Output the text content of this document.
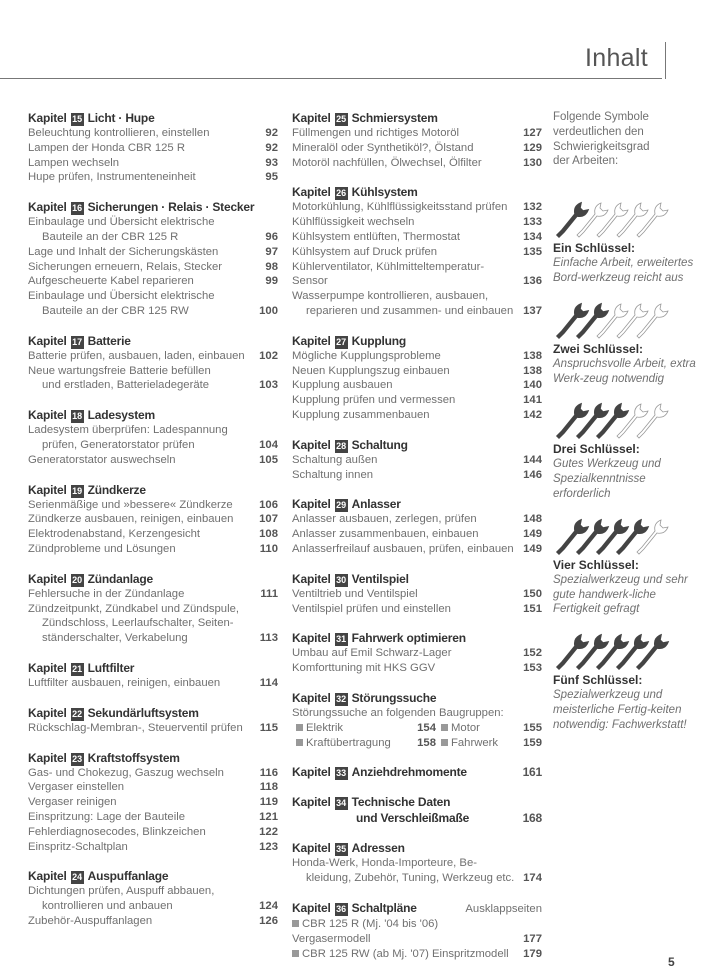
Inhalt
Kapitel 15 Licht · Hupe
Beleuchtung kontrollieren, einstellen	92
Lampen der Honda CBR 125 R	92
Lampen wechseln	93
Hupe prüfen, Instrumenteneinheit	95
Kapitel 16 Sicherungen · Relais · Stecker
Einbaulage und Übersicht elektrische
Bauteile an der CBR 125 R	96
Lage und Inhalt der Sicherungskästen	97
Sicherungen erneuern, Relais, Stecker	98
Aufgescheuerte Kabel reparieren	99
Einbaulage und Übersicht elektrische
Bauteile an der CBR 125 RW	100
Kapitel 17 Batterie
Batterie prüfen, ausbauen, laden, einbauen 102
Neue wartungsfreie Batterie befüllen
und erstladen, Batterieladegeräte	103
Kapitel 18 Ladesystem
Ladesystem überprüfen: Ladespannung
prüfen, Generatorstator prüfen	104
Generatorstator auswechseln	105
Kapitel 19 Zündkerze
Serienmäßige und »bessere« Zündkerze 106
Zündkerze ausbauen, reinigen, einbauen 107
Elektrodenabstand, Kerzengesicht	108
Zündprobleme und Lösungen	110
Kapitel 20 Zündanlage
Fehlersuche in der Zündanlage	111
Zündzeitpunkt, Zündkabel und Zündspule,
Zündschloss, Leerlaufschalter, Seiten-
ständerschalter, Verkabelung	113
Kapitel 21 Luftfilter
Luftfilter ausbauen, reinigen, einbauen	114
Kapitel 22 Sekundärluftsystem
Rückschlag-Membran-, Steuerventil prüfen 115
Kapitel 23 Kraftstoffsystem
Gas- und Chokezug, Gaszug wechseln	116
Vergaser einstellen	118
Vergaser reinigen	119
Einspritzung: Lage der Bauteile	121
Fehlerdiagnosecodes, Blinkzeichen	122
Einspritz-Schaltplan	123
Kapitel 24 Auspuffanlage
Dichtungen prüfen, Auspuff abbauen,
kontrollieren und anbauen	124
Zubehör-Auspuffanlagen	126
Kapitel 25 Schmiersystem
Füllmengen und richtiges Motoröl	127
Mineralöl oder Synthetiköl?, Ölstand	129
Motoröl nachfüllen, Ölwechsel, Ölfilter	130
Kapitel 26 Kühlsystem
Motorkühlung, Kühlflüssigkeitsstand prüfen 132
Kühlflüssigkeit wechseln	133
Kühlsystem entlüften, Thermostat	134
Kühlsystem auf Druck prüfen	135
Kühlerventilator, Kühlmitteltemperatur-Sensor	136
Wasserpumpe kontrollieren, ausbauen,
reparieren und zusammen- und einbauen 137
Kapitel 27 Kupplung
Mögliche Kupplungsprobleme	138
Neuen Kupplungszug einbauen	138
Kupplung ausbauen	140
Kupplung prüfen und vermessen	141
Kupplung zusammenbauen	142
Kapitel 28 Schaltung
Schaltung außen	144
Schaltung innen	146
Kapitel 29 Anlasser
Anlasser ausbauen, zerlegen, prüfen	148
Anlasser zusammenbauen, einbauen	149
Anlasserfreilauf ausbauen, prüfen, einbauen 149
Kapitel 30 Ventilspiel
Ventiltrieb und Ventilspiel	150
Ventilspiel prüfen und einstellen	151
Kapitel 31 Fahrwerk optimieren
Umbau auf Emil Schwarz-Lager	152
Komforttuning mit HKS GGV	153
Kapitel 32 Störungssuche
Störungssuche an folgenden Baugruppen:
Elektrik	154	Motor	155
Kraftübertragung	158	Fahrwerk	159
Kapitel 33 Anziehdrehmomente	161
Kapitel 34 Technische Daten
und Verschleißmaße	168
Kapitel 35 Adressen
Honda-Werk, Honda-Importeure, Be-
kleidung, Zubehör, Tuning, Werkzeug etc. 174
Kapitel 36 Schaltpläne	Ausklappseiten
CBR 125 R (Mj. '04 bis '06) Vergasermodell	177
CBR 125 RW (ab Mj. '07) Einspritzmodell 179
Folgende Symbole verdeutlichen den Schwierigkeitsgrad der Arbeiten:
Ein Schlüssel:
Einfache Arbeit, erweitertes Bord-werkzeug reicht aus
Zwei Schlüssel:
Anspruchsvolle Arbeit, extra Werk-zeug notwendig
Drei Schlüssel:
Gutes Werkzeug und Spezialkenntnisse erforderlich
Vier Schlüssel:
Spezialwerkzeug und sehr gute handwerk-liche Fertigkeit gefragt
Fünf Schlüssel:
Spezialwerkzeug und meisterliche Fertig-keiten notwendig: Fachwerkstatt!
5
